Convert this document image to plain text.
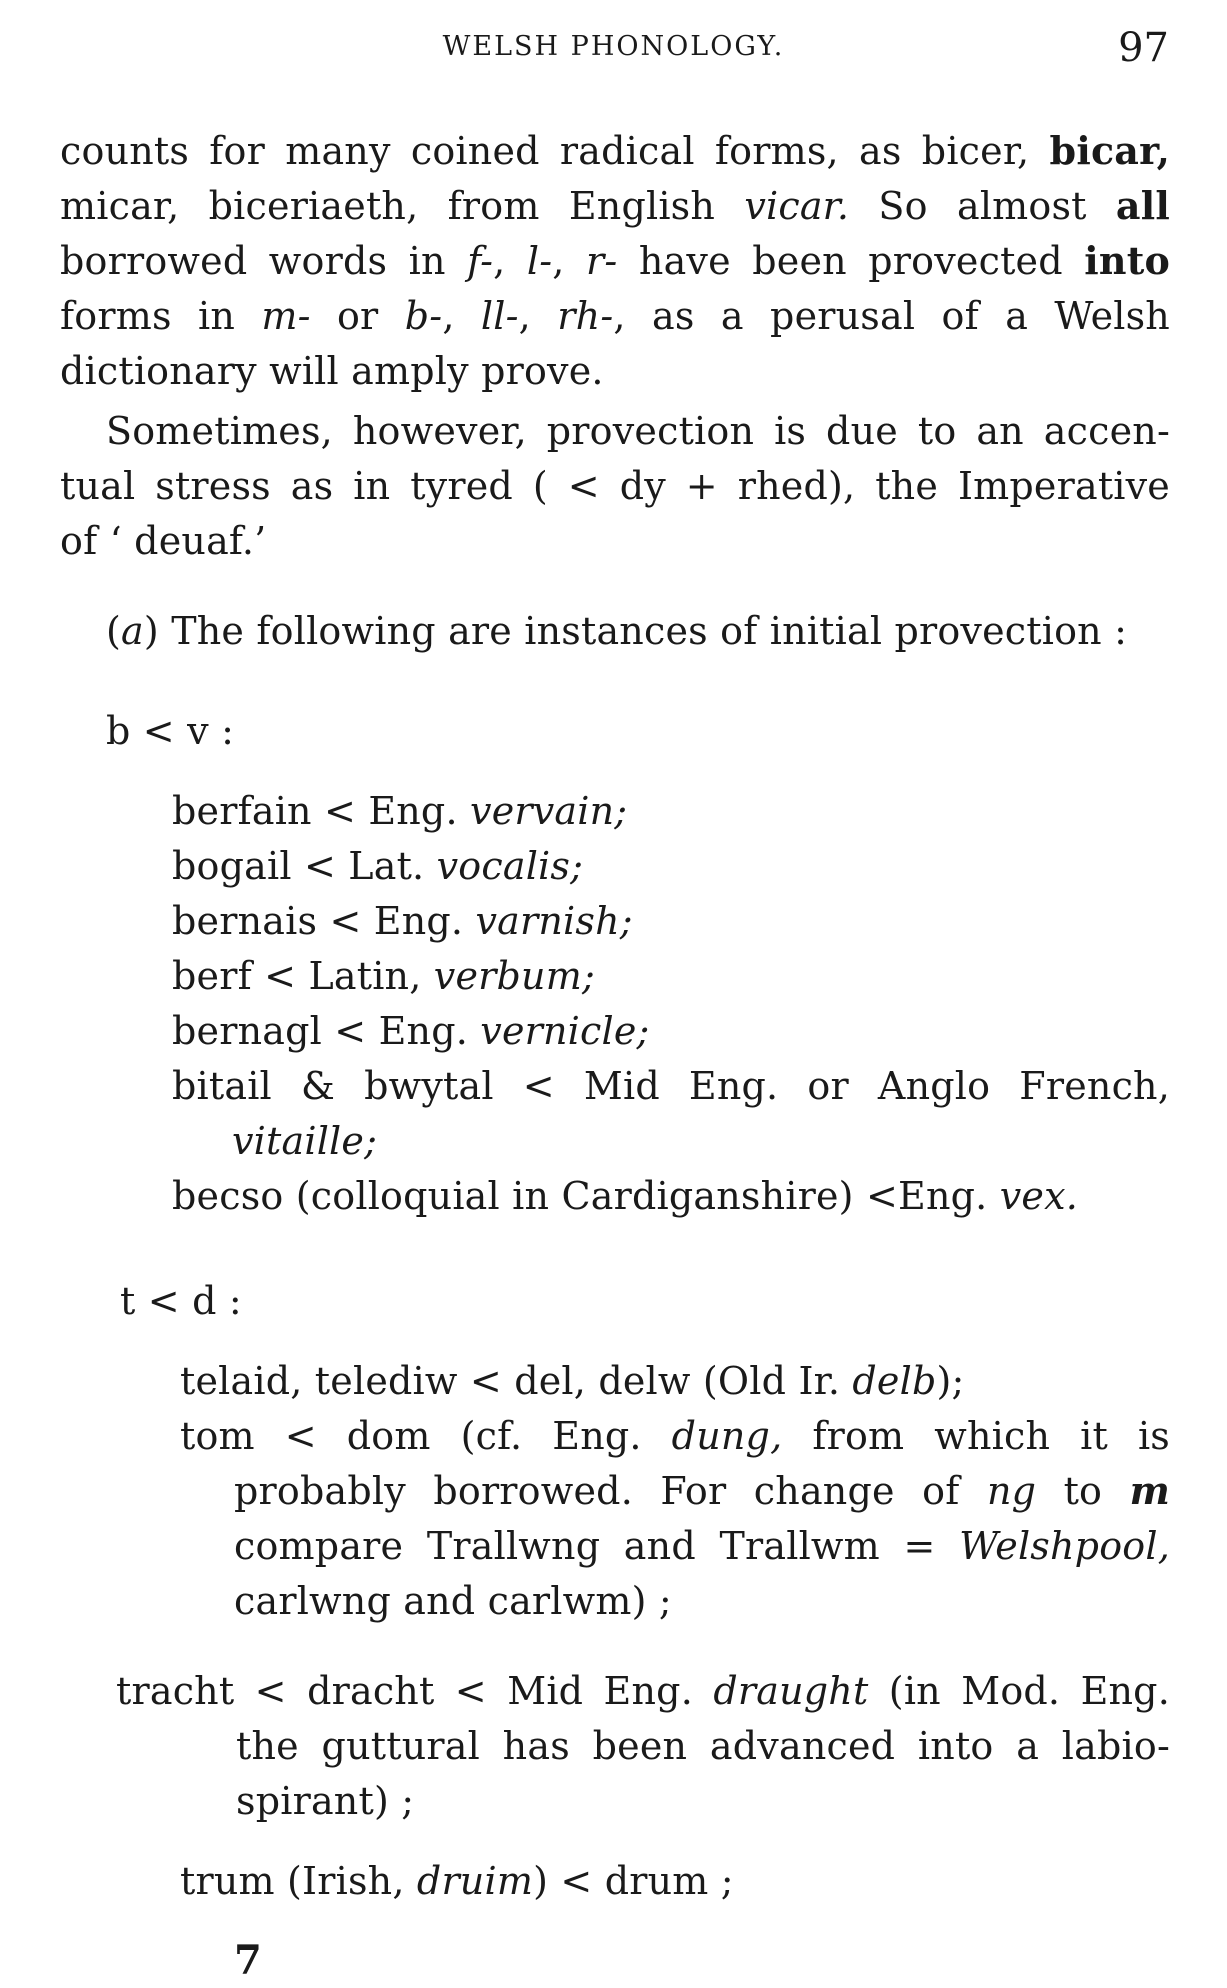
WELSH PHONOLOGY.	97
counts for many coined radical forms, as bicer, bicar,
micar, biceriaeth, from English vicar. So almost all
borrowed words in f-, l-, r- have been provected into
forms in m- or b-, ll-, rh-, as a perusal of a Welsh
dictionary will amply prove.
Sometimes, however, provection is due to an accen-
tual stress as in tyred ( < dy + rhed), the Imperative
of ‘ deuaf.’
(a) The following are instances of initial provection :
b < v :
berfain < Eng. vervain;
bogail < Lat. vocalis;
bernais < Eng. varnish;
berf < Latin, verbum;
bernagl < Eng. vernicle;
bitail & bwytal < Mid Eng. or Anglo French,
vitaille;
becso (colloquial in Cardiganshire) <Eng. vex.
t < d :
telaid, telediw < del, delw (Old Ir. delb);
tom < dom (cf. Eng. dung, from which it is
probably borrowed. For change of ng to m
compare Trallwng and Trallwm = Welshpool,
carlwng and carlwm) ;
tracht < dracht < Mid Eng. draught (in Mod. Eng.
the guttural has been advanced into a labio-
spirant) ;
trum (Irish, druim) < drum ;
7
